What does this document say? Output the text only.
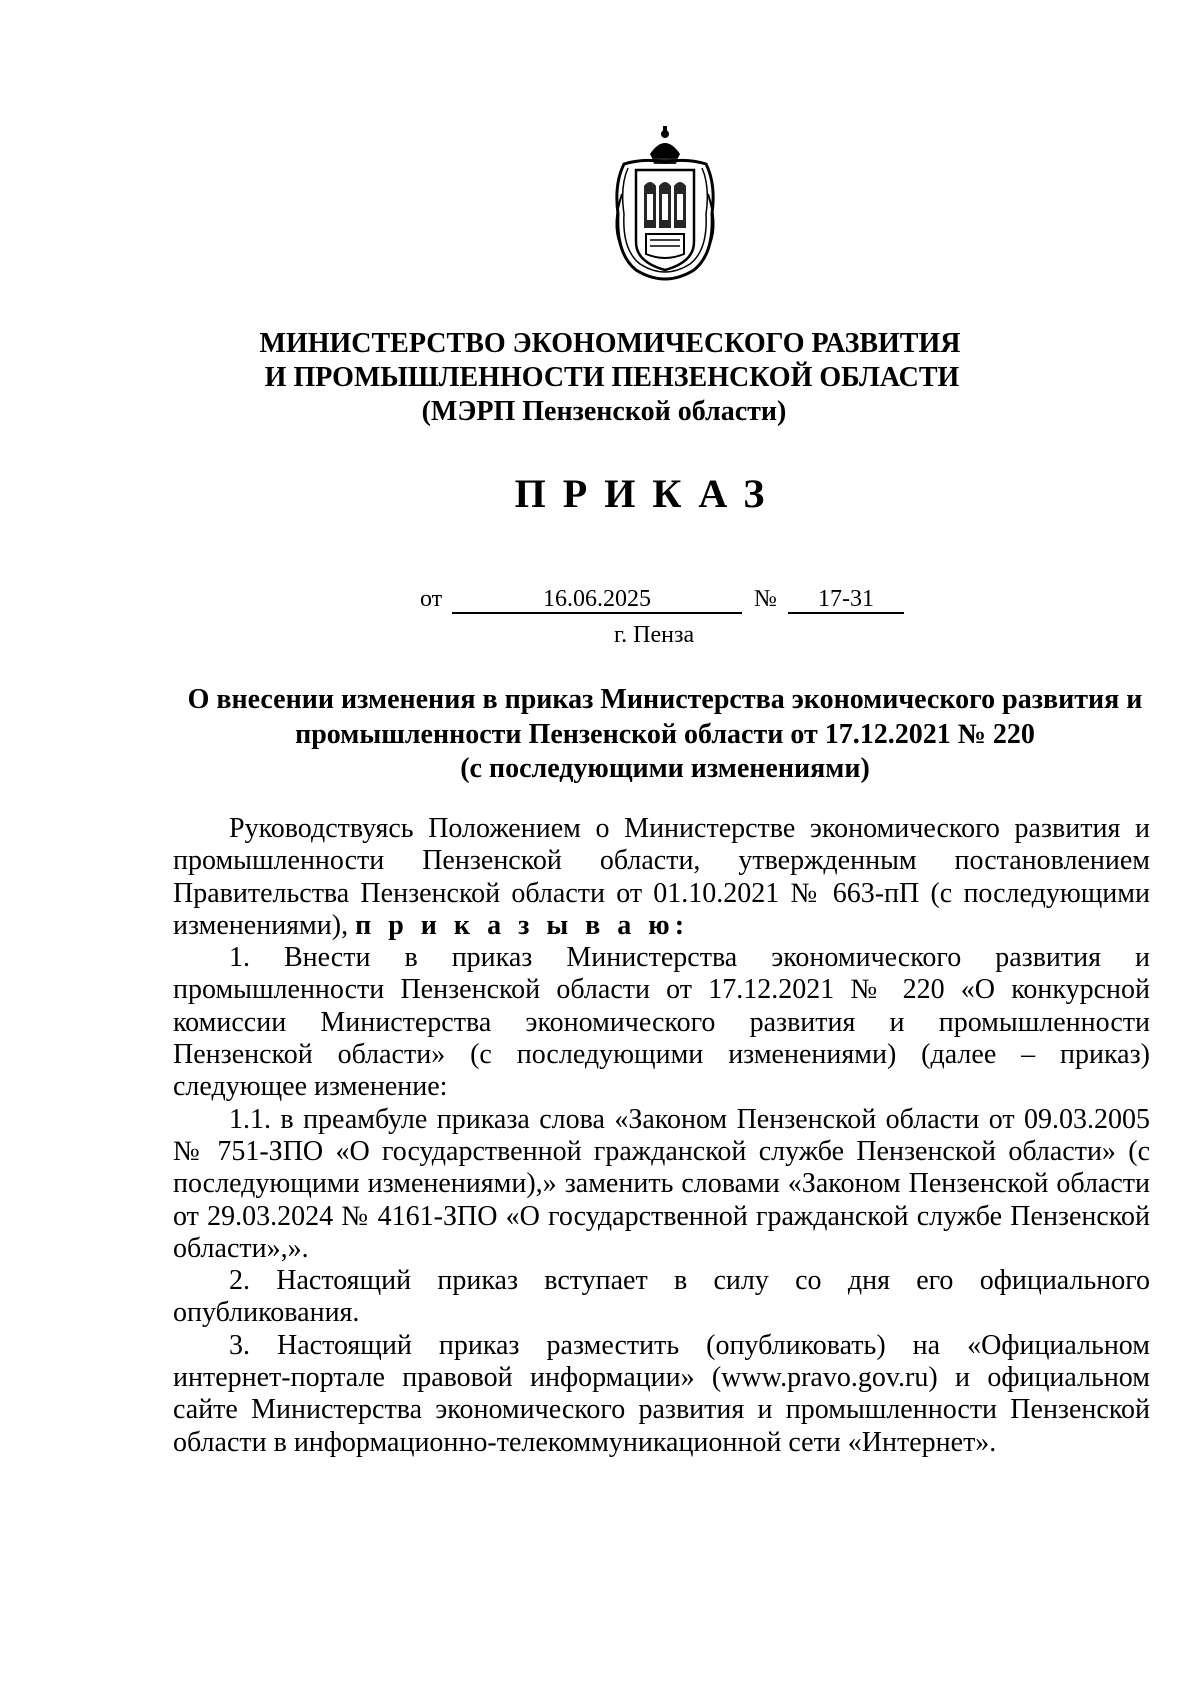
МИНИСТЕРСТВО ЭКОНОМИЧЕСКОГО РАЗВИТИЯ
И ПРОМЫШЛЕННОСТИ ПЕНЗЕНСКОЙ ОБЛАСТИ
(МЭРП Пензенской области)
ПРИКАЗ
от	16.06.2025	№	17-31
г. Пенза
О внесении изменения в приказ Министерства экономического развития и
промышленности Пензенской области от 17.12.2021 № 220
(с последующими изменениями)

Руководствуясь Положением о Министерстве экономического развития и промышленности Пензенской области, утвержденным постановлением Правительства Пензенской области от 01.10.2021 № 663-пП (с последующими изменениями), п р и к а з ы в а ю:

1. Внести в приказ Министерства экономического развития и промышленности Пензенской области от 17.12.2021 № 220 «О конкурсной комиссии Министерства экономического развития и промышленности Пензенской области» (с последующими изменениями) (далее – приказ) следующее изменение:

1.1. в преамбуле приказа слова «Законом Пензенской области от 09.03.2005 № 751-ЗПО «О государственной гражданской службе Пензенской области» (с последующими изменениями),» заменить словами «Законом Пензенской области от 29.03.2024 № 4161-ЗПО «О государственной гражданской службе Пензенской области»,».

2. Настоящий приказ вступает в силу со дня его официального опубликования.

3. Настоящий приказ разместить (опубликовать) на «Официальном интернет-портале правовой информации» (www.pravo.gov.ru) и официальном сайте Министерства экономического развития и промышленности Пензенской области в информационно-телекоммуникационной сети «Интернет».
